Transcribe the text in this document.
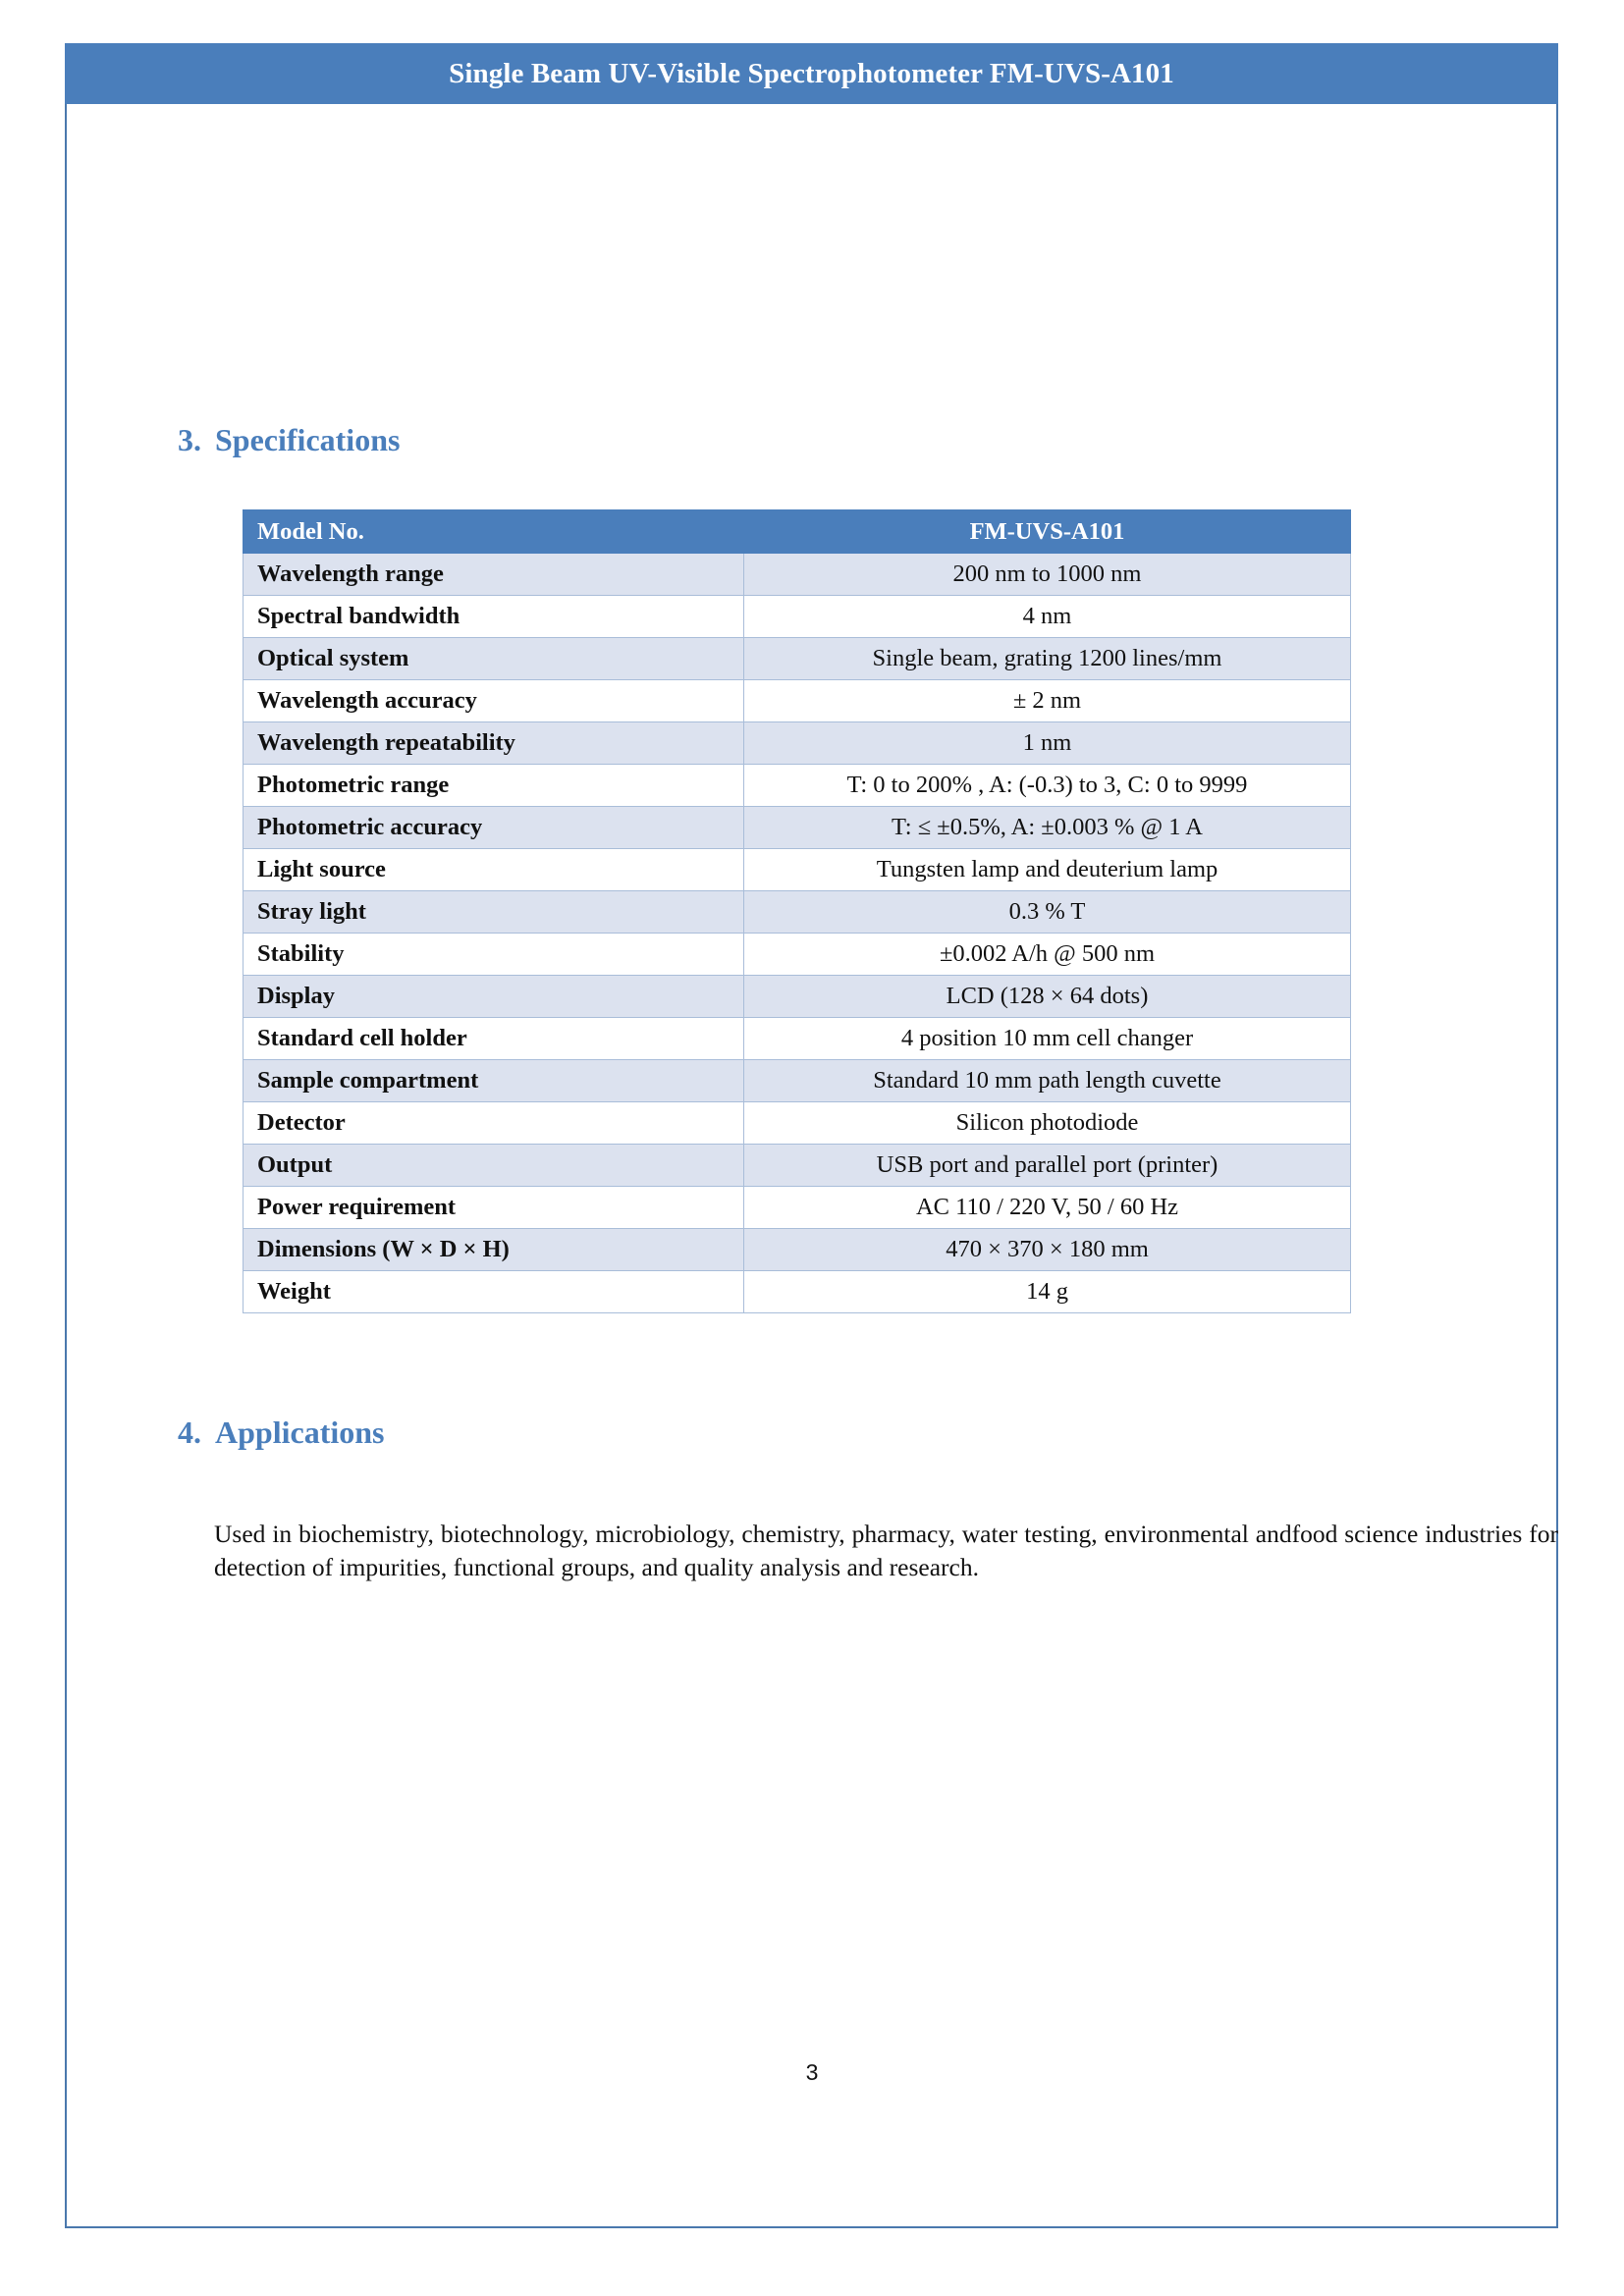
Single Beam UV-Visible Spectrophotometer FM-UVS-A101
3. Specifications
Model No.	FM-UVS-A101
Wavelength range	200 nm to 1000 nm
Spectral bandwidth	4 nm
Optical system	Single beam, grating 1200 lines/mm
Wavelength accuracy	± 2 nm
Wavelength repeatability	1 nm
Photometric range	T: 0 to 200% , A: (-0.3) to 3, C: 0 to 9999
Photometric accuracy	T: ≤ ±0.5%, A: ±0.003 % @ 1 A
Light source	Tungsten lamp and deuterium lamp
Stray light	0.3 % T
Stability	±0.002 A/h @ 500 nm
Display	LCD (128 × 64 dots)
Standard cell holder	4 position 10 mm cell changer
Sample compartment	Standard 10 mm path length cuvette
Detector	Silicon photodiode
Output	USB port and parallel port (printer)
Power requirement	AC 110 / 220 V, 50 / 60 Hz
Dimensions (W × D × H)	470 × 370 × 180 mm
Weight	14 g
4. Applications
Used in biochemistry, biotechnology, microbiology, chemistry, pharmacy, water testing, environmental andfood science industries for detection of impurities, functional groups, and quality analysis and research.
3
